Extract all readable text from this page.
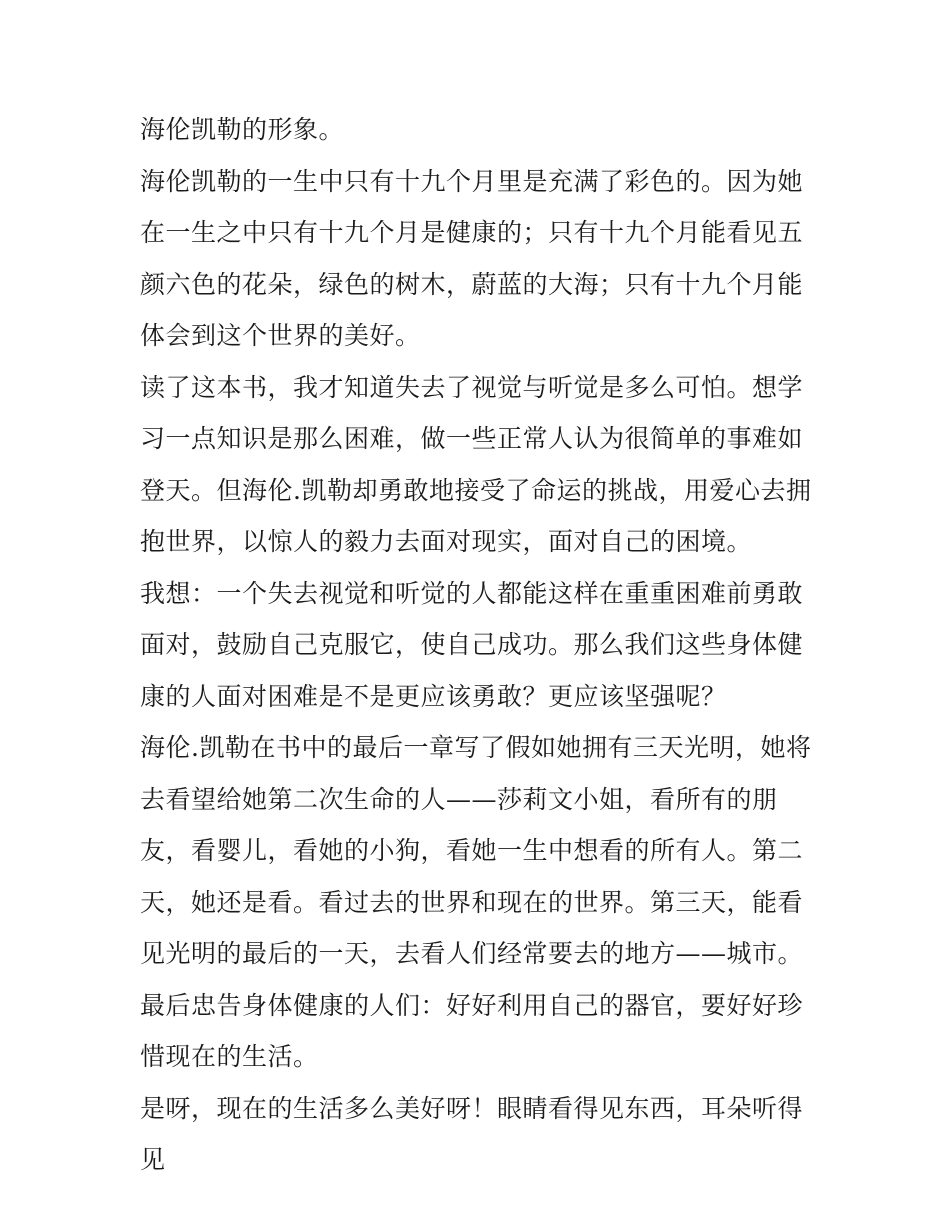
海伦凯勒的形象。

海伦凯勒的一生中只有十九个月里是充满了彩色的。因为她在一生之中只有十九个月是健康的；只有十九个月能看见五颜六色的花朵，绿色的树木，蔚蓝的大海；只有十九个月能体会到这个世界的美好。

读了这本书，我才知道失去了视觉与听觉是多么可怕。想学习一点知识是那么困难，做一些正常人认为很简单的事难如登天。但海伦.凯勒却勇敢地接受了命运的挑战，用爱心去拥抱世界，以惊人的毅力去面对现实，面对自己的困境。

我想：一个失去视觉和听觉的人都能这样在重重困难前勇敢面对，鼓励自己克服它，使自己成功。那么我们这些身体健康的人面对困难是不是更应该勇敢？更应该坚强呢？

海伦.凯勒在书中的最后一章写了假如她拥有三天光明，她将去看望给她第二次生命的人——莎莉文小姐，看所有的朋友，看婴儿，看她的小狗，看她一生中想看的所有人。第二天，她还是看。看过去的世界和现在的世界。第三天，能看见光明的最后的一天，去看人们经常要去的地方——城市。最后忠告身体健康的人们：好好利用自己的器官，要好好珍惜现在的生活。

是呀，现在的生活多么美好呀！眼睛看得见东西，耳朵听得见
